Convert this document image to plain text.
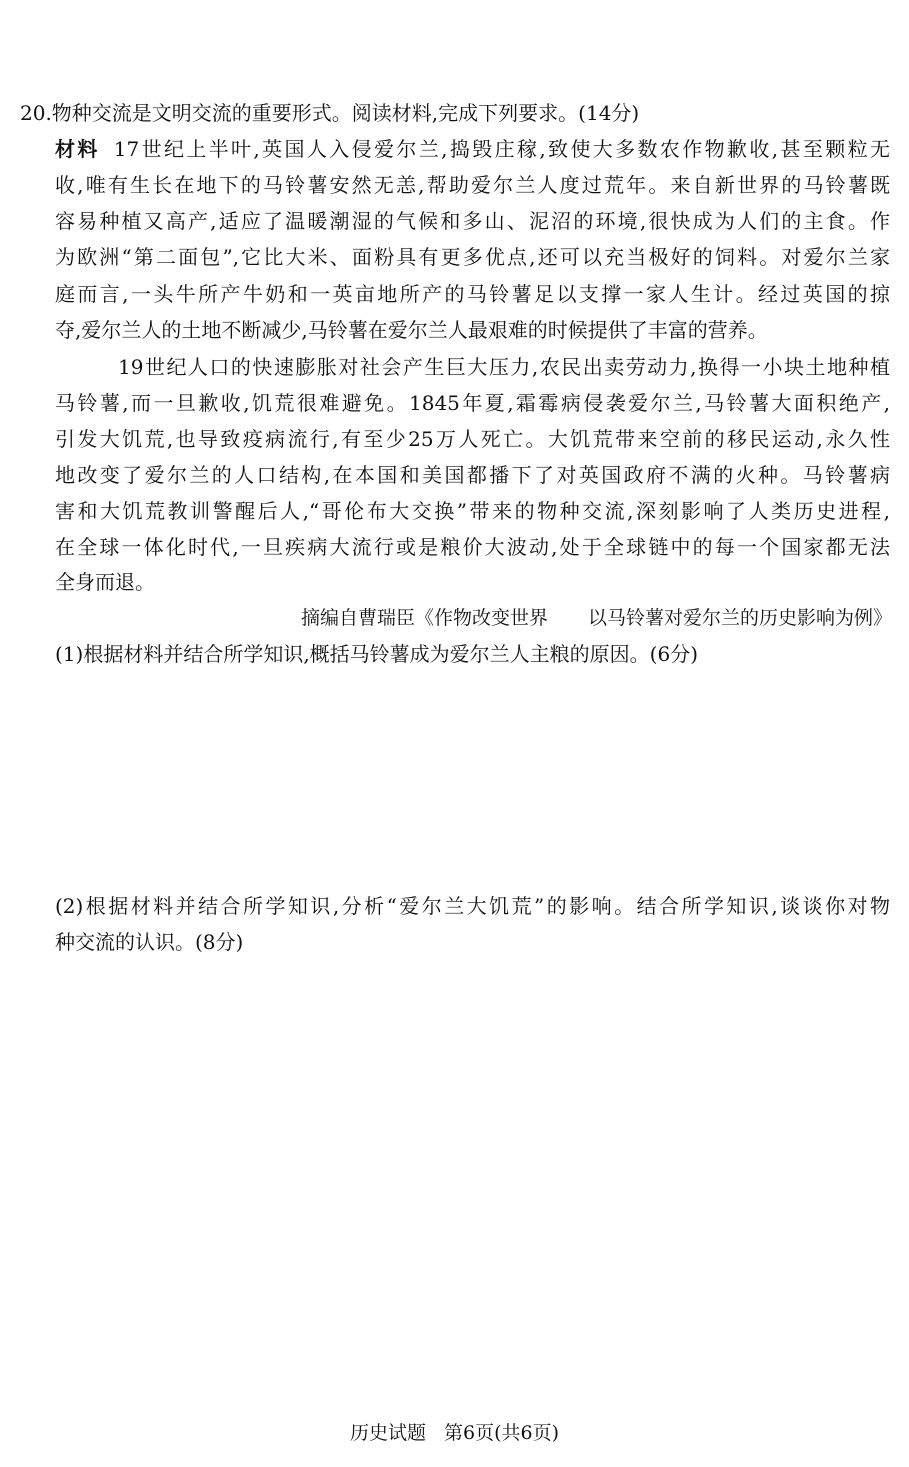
20.物种交流是文明交流的重要形式。阅读材料,完成下列要求。(14分)
材料 17世纪上半叶,英国人入侵爱尔兰,捣毁庄稼,致使大多数农作物歉收,甚至颗粒无
收,唯有生长在地下的马铃薯安然无恙,帮助爱尔兰人度过荒年。来自新世界的马铃薯既
容易种植又高产,适应了温暖潮湿的气候和多山、泥沼的环境,很快成为人们的主食。作
为欧洲“第二面包”,它比大米、面粉具有更多优点,还可以充当极好的饲料。对爱尔兰家
庭而言,一头牛所产牛奶和一英亩地所产的马铃薯足以支撑一家人生计。经过英国的掠
夺,爱尔兰人的土地不断减少,马铃薯在爱尔兰人最艰难的时候提供了丰富的营养。
19世纪人口的快速膨胀对社会产生巨大压力,农民出卖劳动力,换得一小块土地种植
马铃薯,而一旦歉收,饥荒很难避免。1845年夏,霜霉病侵袭爱尔兰,马铃薯大面积绝产,
引发大饥荒,也导致疫病流行,有至少25万人死亡。大饥荒带来空前的移民运动,永久性
地改变了爱尔兰的人口结构,在本国和美国都播下了对英国政府不满的火种。马铃薯病
害和大饥荒教训警醒后人,“哥伦布大交换”带来的物种交流,深刻影响了人类历史进程,
在全球一体化时代,一旦疾病大流行或是粮价大波动,处于全球链中的每一个国家都无法
全身而退。
摘编自曹瑞臣《作物改变世界 以马铃薯对爱尔兰的历史影响为例》
(1)根据材料并结合所学知识,概括马铃薯成为爱尔兰人主粮的原因。(6分)
(2)根据材料并结合所学知识,分析“爱尔兰大饥荒”的影响。结合所学知识,谈谈你对物
种交流的认识。(8分)
历史试题 第6页(共6页)
